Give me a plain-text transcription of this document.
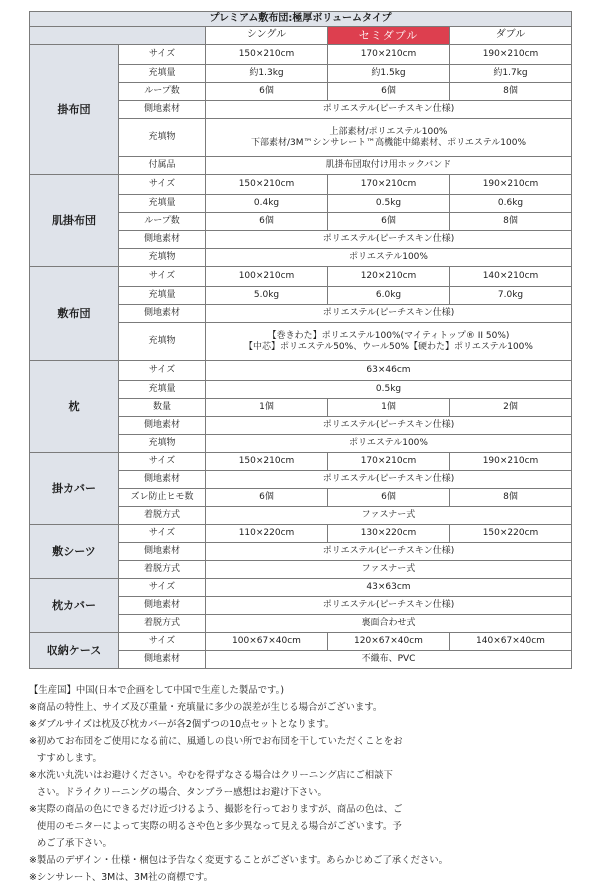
プレミアム敷布団:極厚ボリュームタイプ				
		シングル	セミダブル	ダブル
掛布団	サイズ	150×210cm	170×210cm	190×210cm
	充填量	約1.3kg	約1.5kg	約1.7kg
	ループ数	6個	6個	8個
	側地素材	ポリエステル(ピーチスキン仕様)		
	充填物	上部素材/ポリエステル100%
下部素材/3M™シンサレート™高機能中綿素材、ポリエステル100%		
	付属品	肌掛布団取付け用ホックバンド		
肌掛布団	サイズ	150×210cm	170×210cm	190×210cm
	充填量	0.4kg	0.5kg	0.6kg
	ループ数	6個	6個	8個
	側地素材	ポリエステル(ピーチスキン仕様)		
	充填物	ポリエステル100%		
敷布団	サイズ	100×210cm	120×210cm	140×210cm
	充填量	5.0kg	6.0kg	7.0kg
	側地素材	ポリエステル(ピーチスキン仕様)		
	充填物	【巻きわた】ポリエステル100%(マイティトップ® II 50%)
【中芯】ポリエステル50%、ウール50%【硬わた】ポリエステル100%		
枕	サイズ	63×46cm		
	充填量	0.5kg		
	数量	1個	1個	2個
	側地素材	ポリエステル(ピーチスキン仕様)		
	充填物	ポリエステル100%		
掛カバー	サイズ	150×210cm	170×210cm	190×210cm
	側地素材	ポリエステル(ピーチスキン仕様)		
	ズレ防止ヒモ数	6個	6個	8個
	着脱方式	ファスナー式		
敷シーツ	サイズ	110×220cm	130×220cm	150×220cm
	側地素材	ポリエステル(ピーチスキン仕様)		
	着脱方式	ファスナー式		
枕カバー	サイズ	43×63cm		
	側地素材	ポリエステル(ピーチスキン仕様)		
	着脱方式	裏面合わせ式		
収納ケース	サイズ	100×67×40cm	120×67×40cm	140×67×40cm
	側地素材	不織布、PVC		
【生産国】中国(日本で企画をして中国で生産した製品です。)
※ 商品の特性上、サイズ及び重量・充填量に多少の誤差が生じる場合がございます。
※ ダブルサイズは枕及び枕カバーが各2個ずつの10点セットとなります。
※ 初めてお布団をご使用になる前に、風通しの良い所でお布団を干していただくことをお
すすめします。
※ 水洗い丸洗いはお避けください。やむを得ずなさる場合はクリーニング店にご相談下
さい。ドライクリーニングの場合、タンブラー感想はお避け下さい。
※ 実際の商品の色にできるだけ近づけるよう、撮影を行っておりますが、商品の色は、ご
使用のモニターによって実際の明るさや色と多少異なって見える場合がございます。予
めご了承下さい。
※ 製品のデザイン・仕様・梱包は予告なく変更することがございます。あらかじめご了承ください。
※ シンサレート、3Mは、3M社の商標です。
